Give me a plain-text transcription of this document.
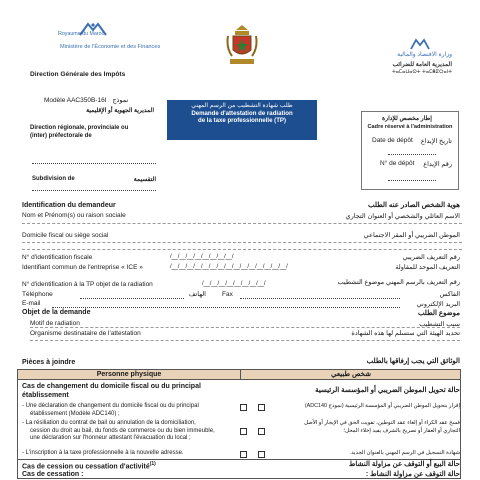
Royaume du Maroc
Ministère de l'Économie et des Finances
Direction Générale des Impôts
وزارة الاقتصاد والمالية
المديرية العامة للضرائب
ⵜⴰⵎⴰⵡⴰⵙⵜ ⵜⴰⵎⴻⵇⵔⴰⵏⵜ
Modèle AAC350B-16I نموذج
المديرية الجهوية أو الإقليمية
Direction régionale, provinciale ou
(inter) préfectorale de
Subdivision de	التقسيمة
طلب شهادة التشطيب من الرسم المهني
Demande d'attestation de radiation
de la taxe professionnelle (TP)	إطار مخصص للإدارة
Cadre réservé à l'administration
Date de dépôt تاريخ الإيداع
N° de dépôt رقم الإيداع
Identification du demandeur	هوية الشخص الصادر عنه الطلب
Nom et Prénom(s) ou raison sociale	الاسم العائلي والشخصي أو العنوان التجاري
Domicile fiscal ou siège social	الموطن الضريبي أو المقر الاجتماعي
N° d'identification fiscale	/__/__/__/__/__/__/__/__/	رقم التعريف الضريبي
Identifiant commun de l'entreprise « ICE »	/__/__/__/__/__/__/__/__/__/__/__/__/__/__/__/	التعريف الموحد للمقاولة
N° d'identification à la TP objet de la radiation	رقم التعريف بالرسم المهني موضوع التشطيب
/__/__/__/__/__/__/__/__/
Téléphone	الهاتف Fax	الفاكس
E-mail	البريد الإلكتروني
Objet de la demande	موضوع الطلب
Motif de radiation	سبب التشطيب
Organisme destinataire de l'attestation	تحديد الهيئة التي ستسلم لها هذه الشهادة
Pièces à joindre	الوثائق التي يجب إرفاقها بالطلب
Personne physique	شخص طبيعي
Cas de changement du domicile fiscal ou du principal
établissement
حالة تحويل الموطن الضريبي أو المؤسسة الرئيسية
- Une déclaration de changement du domicile fiscal ou du principal
établissement (Modèle ADC140) ;
إقرار بتحويل الموطن الضريبي أو المؤسسة الرئيسية (نموذج ADC140)
- La résiliation du contrat de bail ou annulation de la domiciliation,
cession du droit au bail, du fonds de commerce ou du bien immeuble,
une déclaration sur l'honneur attestant l'évacuation du local ;
فسخ عقد الكراء أو إلغاء عقد التوطين، تفويت الحق في الإيجار أو الأصل
التجاري أو العقار أو تصريح بالشرف يفيد إخلاء المحل؛
- L'inscription à la taxe professionnelle à la nouvelle adresse.	شهادة التسجيل في الرسم المهني بالعنوان الجديد.
Cas de cession ou cessation d'activité$^{(1)}$	حالة البيع أو التوقف عن مزاولة النشاط
Cas de cessation :	حالة التوقف عن مزاولة النشاط :
